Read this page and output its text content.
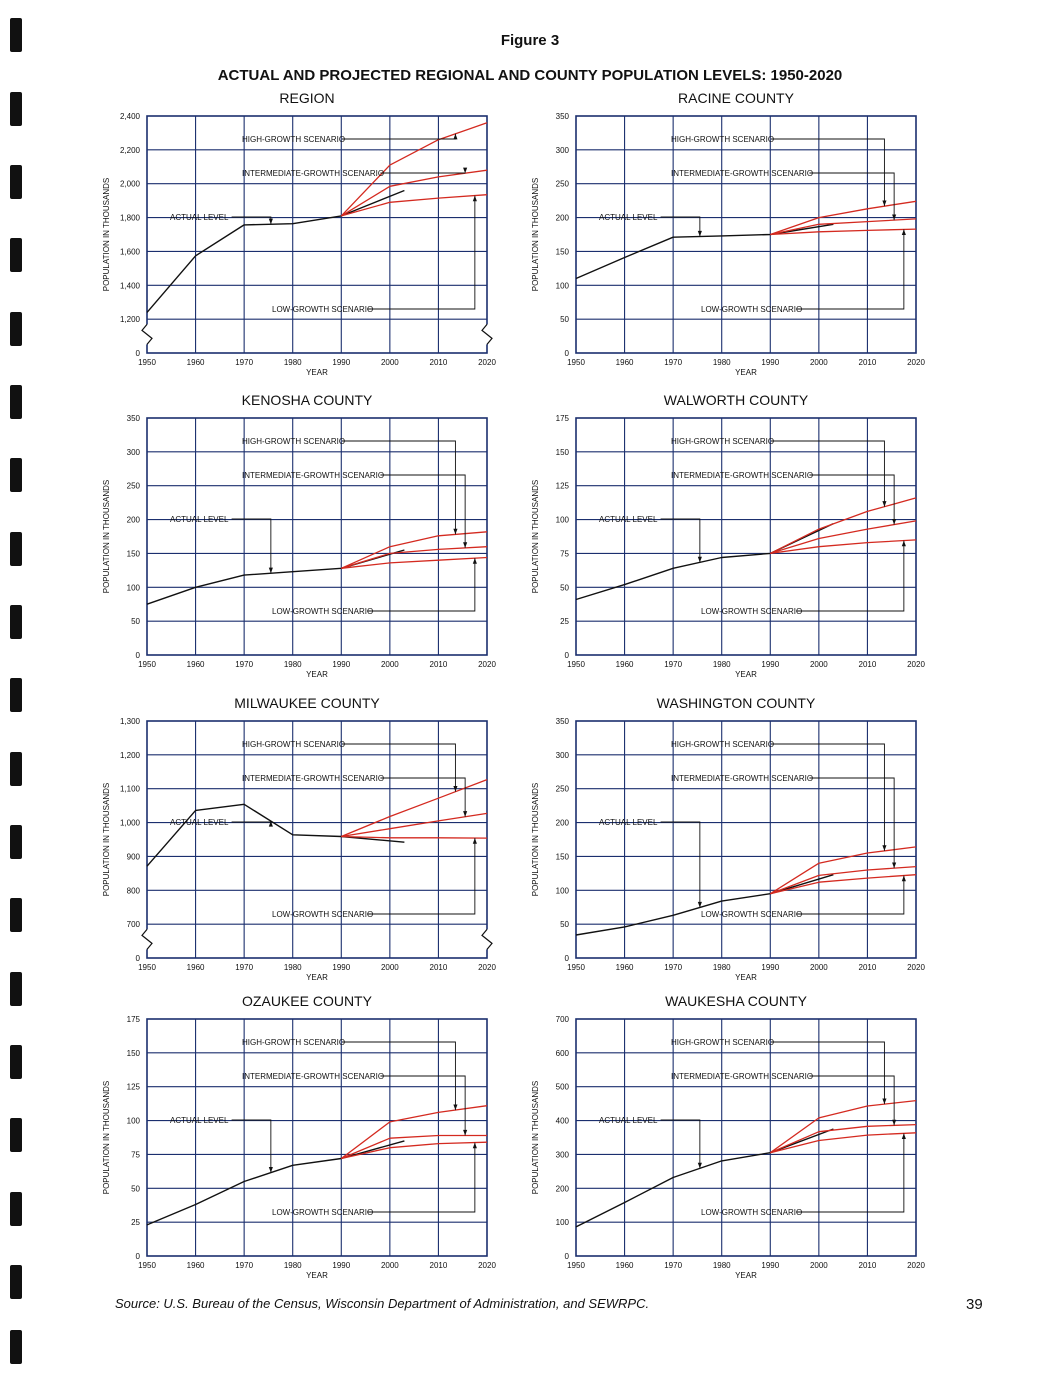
Figure 3
ACTUAL AND PROJECTED REGIONAL AND COUNTY POPULATION LEVELS: 1950-2020
REGION
0
1,200
1,400
1,600
1,800
2,000
2,200
2,400
1950	1960	1970	1980	1990	2000	2010	2020
YEAR
POPULATION IN THOUSANDS
HIGH-GROWTH SCENARIO
INTERMEDIATE-GROWTH SCENARIO
ACTUAL LEVEL
LOW-GROWTH SCENARIO
RACINE COUNTY
0
50
100
150
200
250
300
350
1950	1960	1970	1980	1990	2000	2010	2020
YEAR
POPULATION IN THOUSANDS
HIGH-GROWTH SCENARIO
INTERMEDIATE-GROWTH SCENARIO
ACTUAL LEVEL
LOW-GROWTH SCENARIO
KENOSHA COUNTY
0
50
100
150
200
250
300
350
1950	1960	1970	1980	1990	2000	2010	2020
YEAR
POPULATION IN THOUSANDS
HIGH-GROWTH SCENARIO
INTERMEDIATE-GROWTH SCENARIO
ACTUAL LEVEL
LOW-GROWTH SCENARIO
WALWORTH COUNTY
0
25
50
75
100
125
150
175
1950	1960	1970	1980	1990	2000	2010	2020
YEAR
POPULATION IN THOUSANDS
HIGH-GROWTH SCENARIO
INTERMEDIATE-GROWTH SCENARIO
ACTUAL LEVEL
LOW-GROWTH SCENARIO
MILWAUKEE COUNTY
0
700
800
900
1,000
1,100
1,200
1,300
1950	1960	1970	1980	1990	2000	2010	2020
YEAR
POPULATION IN THOUSANDS
HIGH-GROWTH SCENARIO
INTERMEDIATE-GROWTH SCENARIO
ACTUAL LEVEL
LOW-GROWTH SCENARIO
WASHINGTON COUNTY
0
50
100
150
200
250
300
350
1950	1960	1970	1980	1990	2000	2010	2020
YEAR
POPULATION IN THOUSANDS
HIGH-GROWTH SCENARIO
INTERMEDIATE-GROWTH SCENARIO
ACTUAL LEVEL
LOW-GROWTH SCENARIO
OZAUKEE COUNTY
0
25
50
75
100
125
150
175
1950	1960	1970	1980	1990	2000	2010	2020
YEAR
POPULATION IN THOUSANDS
HIGH-GROWTH SCENARIO
INTERMEDIATE-GROWTH SCENARIO
ACTUAL LEVEL
LOW-GROWTH SCENARIO
WAUKESHA COUNTY
0
100
200
300
400
500
600
700
1950	1960	1970	1980	1990	2000	2010	2020
YEAR
POPULATION IN THOUSANDS
HIGH-GROWTH SCENARIO
INTERMEDIATE-GROWTH SCENARIO
ACTUAL LEVEL
LOW-GROWTH SCENARIO
Source: U.S. Bureau of the Census, Wisconsin Department of Administration, and SEWRPC.	39
